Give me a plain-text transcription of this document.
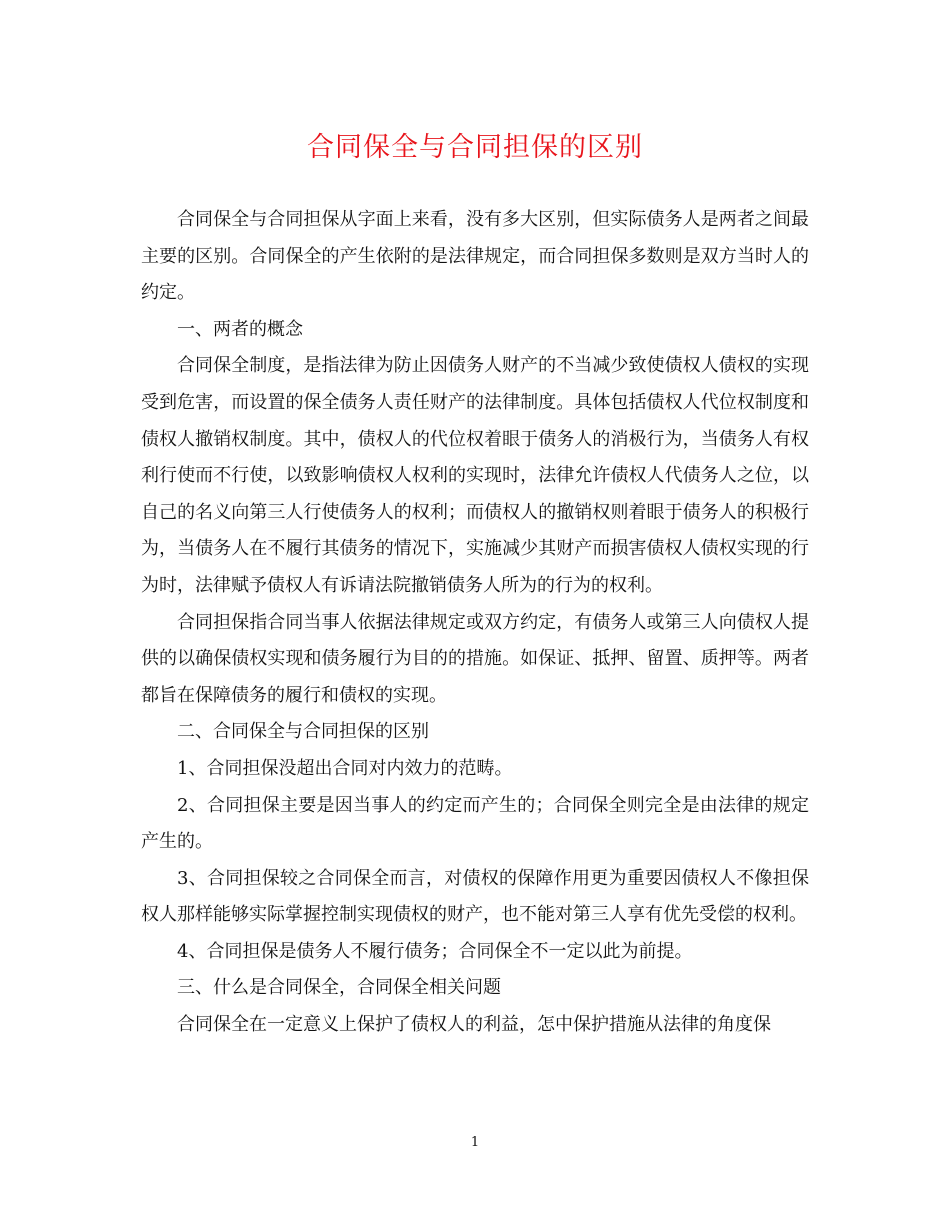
合同保全与合同担保的区别

合同保全与合同担保从字面上来看，没有多大区别，但实际债务人是两者之间最主要的区别。合同保全的产生依附的是法律规定，而合同担保多数则是双方当时人的约定。

一、两者的概念

合同保全制度，是指法律为防止因债务人财产的不当减少致使债权人债权的实现受到危害，而设置的保全债务人责任财产的法律制度。具体包括债权人代位权制度和债权人撤销权制度。其中，债权人的代位权着眼于债务人的消极行为，当债务人有权利行使而不行使，以致影响债权人权利的实现时，法律允许债权人代债务人之位，以自己的名义向第三人行使债务人的权利；而债权人的撤销权则着眼于债务人的积极行为，当债务人在不履行其债务的情况下，实施减少其财产而损害债权人债权实现的行为时，法律赋予债权人有诉请法院撤销债务人所为的行为的权利。

合同担保指合同当事人依据法律规定或双方约定，有债务人或第三人向债权人提供的以确保债权实现和债务履行为目的的措施。如保证、抵押、留置、质押等。两者都旨在保障债务的履行和债权的实现。

二、合同保全与合同担保的区别

1、合同担保没超出合同对内效力的范畴。

2、合同担保主要是因当事人的约定而产生的；合同保全则完全是由法律的规定产生的。

3、合同担保较之合同保全而言，对债权的保障作用更为重要因债权人不像担保权人那样能够实际掌握控制实现债权的财产，也不能对第三人享有优先受偿的权利。

4、合同担保是债务人不履行债务；合同保全不一定以此为前提。

三、什么是合同保全，合同保全相关问题

合同保全在一定意义上保护了债权人的利益，怎中保护措施从法律的角度保

1
